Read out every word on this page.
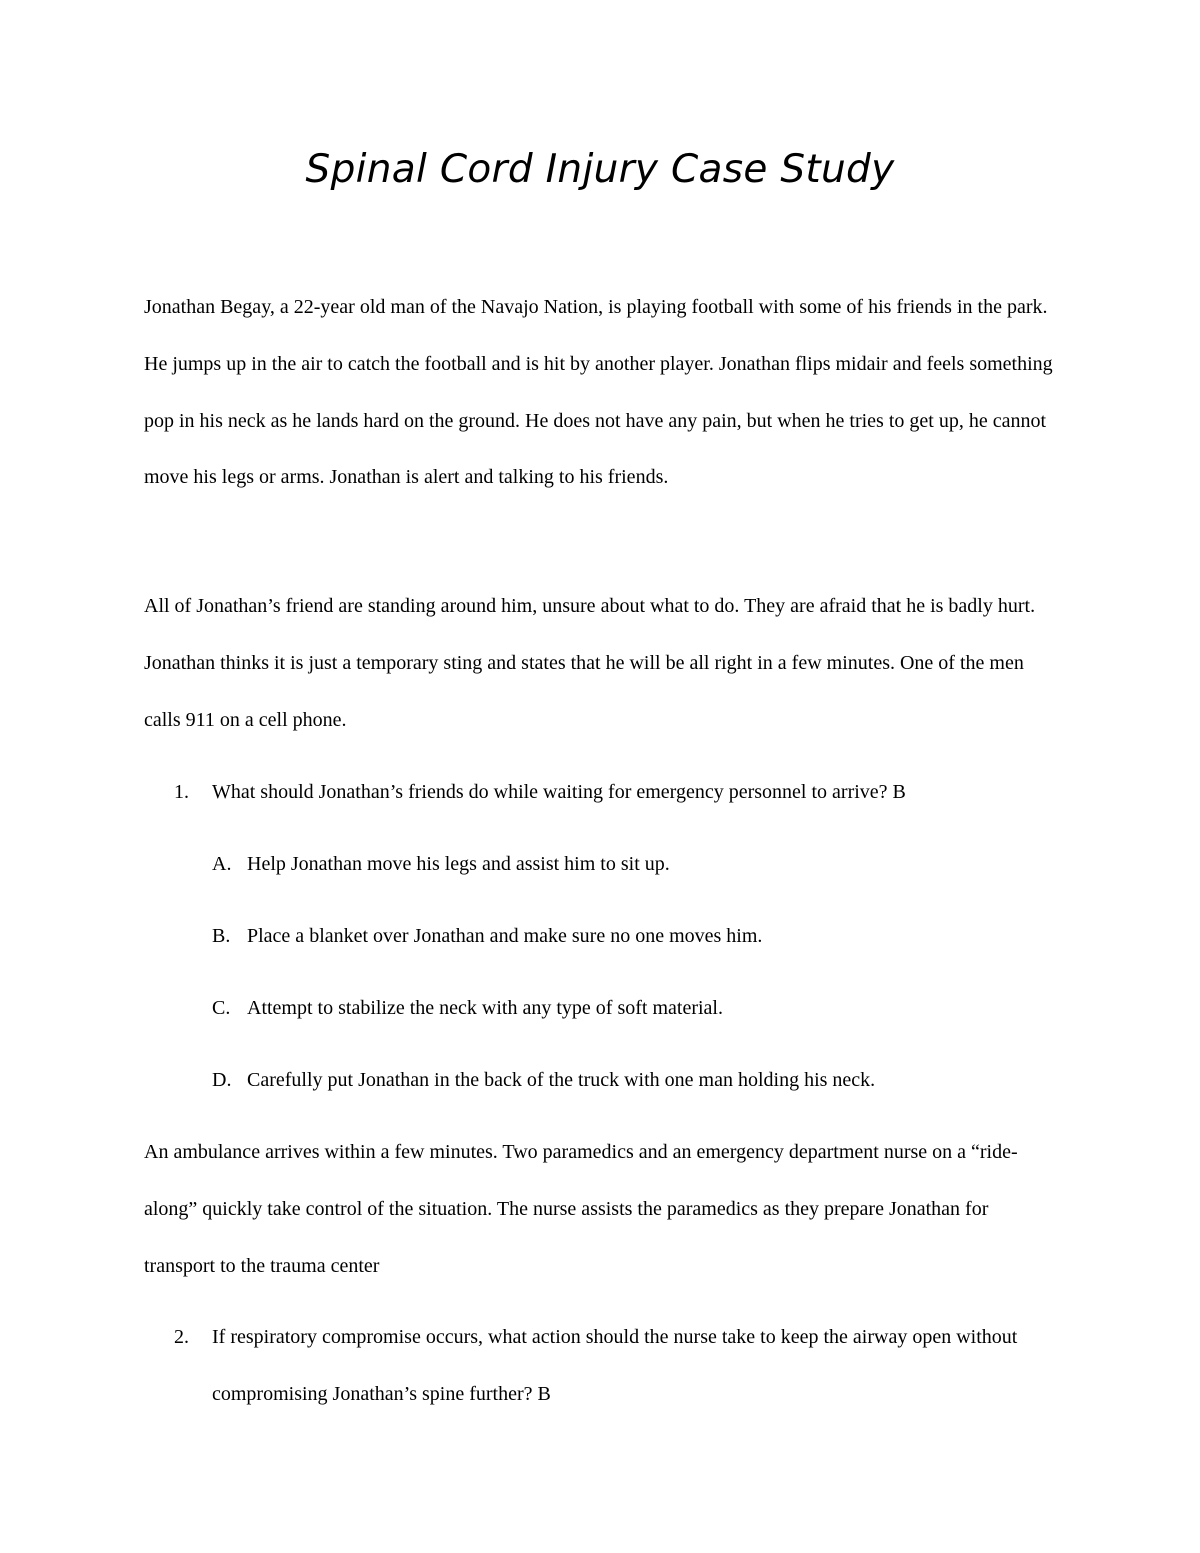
Spinal Cord Injury Case Study

Jonathan Begay, a 22-year old man of the Navajo Nation, is playing football with some of his friends in the park. He jumps up in the air to catch the football and is hit by another player. Jonathan flips midair and feels something pop in his neck as he lands hard on the ground. He does not have any pain, but when he tries to get up, he cannot move his legs or arms. Jonathan is alert and talking to his friends.

All of Jonathan’s friend are standing around him, unsure about what to do. They are afraid that he is badly hurt. Jonathan thinks it is just a temporary sting and states that he will be all right in a few minutes. One of the men calls 911 on a cell phone.

1. What should Jonathan’s friends do while waiting for emergency personnel to arrive? B
A. Help Jonathan move his legs and assist him to sit up.
B. Place a blanket over Jonathan and make sure no one moves him.
C. Attempt to stabilize the neck with any type of soft material.
D. Carefully put Jonathan in the back of the truck with one man holding his neck.

An ambulance arrives within a few minutes. Two paramedics and an emergency department nurse on a “ride-along” quickly take control of the situation. The nurse assists the paramedics as they prepare Jonathan for transport to the trauma center

2. If respiratory compromise occurs, what action should the nurse take to keep the airway open without compromising Jonathan’s spine further? B
